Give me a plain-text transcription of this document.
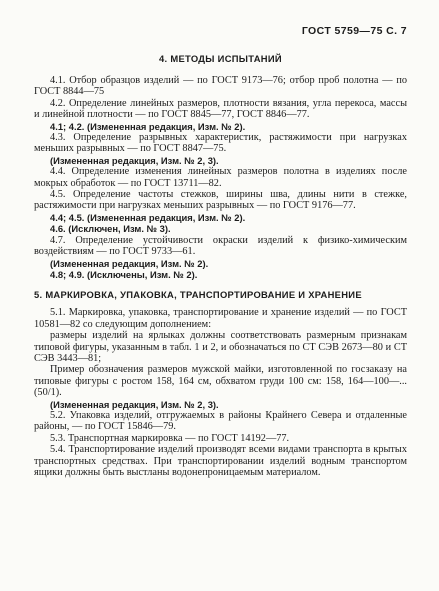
ГОСТ 5759—75 С. 7
4. МЕТОДЫ ИСПЫТАНИЙ

4.1. Отбор образцов изделий — по ГОСТ 9173—76; отбор проб полотна — по ГОСТ 8844—75

4.2. Определение линейных размеров, плотности вязания, угла перекоса, массы и линейной плотности — по ГОСТ 8845—77, ГОСТ 8846—77.

4.1; 4.2. (Измененная редакция, Изм. № 2).

4.3. Определение разрывных характеристик, растяжимости при нагрузках меньших разрывных — по ГОСТ 8847—75.

(Измененная редакция, Изм. № 2, 3).

4.4. Определение изменения линейных размеров полотна в изделиях после мокрых обработок — по ГОСТ 13711—82.

4.5. Определение частоты стежков, ширины шва, длины нити в стежке, растяжимости при нагрузках меньших разрывных — по ГОСТ 9176—77.

4.4; 4.5. (Измененная редакция, Изм. № 2).

4.6. (Исключен, Изм. № 3).

4.7. Определение устойчивости окраски изделий к физико-химическим воздействиям — по ГОСТ 9733—61.

(Измененная редакция, Изм. № 2).

4.8; 4.9. (Исключены, Изм. № 2).

5. МАРКИРОВКА, УПАКОВКА, ТРАНСПОРТИРОВАНИЕ И ХРАНЕНИЕ

5.1. Маркировка, упаковка, транспортирование и хранение изделий — по ГОСТ 10581—82 со следующим дополнением:

размеры изделий на ярлыках должны соответствовать размерным признакам типовой фигуры, указанным в табл. 1 и 2, и обозначаться по СТ СЭВ 2673—80 и СТ СЭВ 3443—81;

Пример обозначения размеров мужской майки, изготовленной по госзаказу на типовые фигуры с ростом 158, 164 см, обхватом груди 100 см: 158, 164—100—... (50/1).

(Измененная редакция, Изм. № 2, 3).

5.2. Упаковка изделий, отгружаемых в районы Крайнего Севера и отдаленные районы, — по ГОСТ 15846—79.

5.3. Транспортная маркировка — по ГОСТ 14192—77.

5.4. Транспортирование изделий производят всеми видами транспорта в крытых транспортных средствах. При транспортировании изделий водным транспортом ящики должны быть выстланы водонепроницаемым материалом.
